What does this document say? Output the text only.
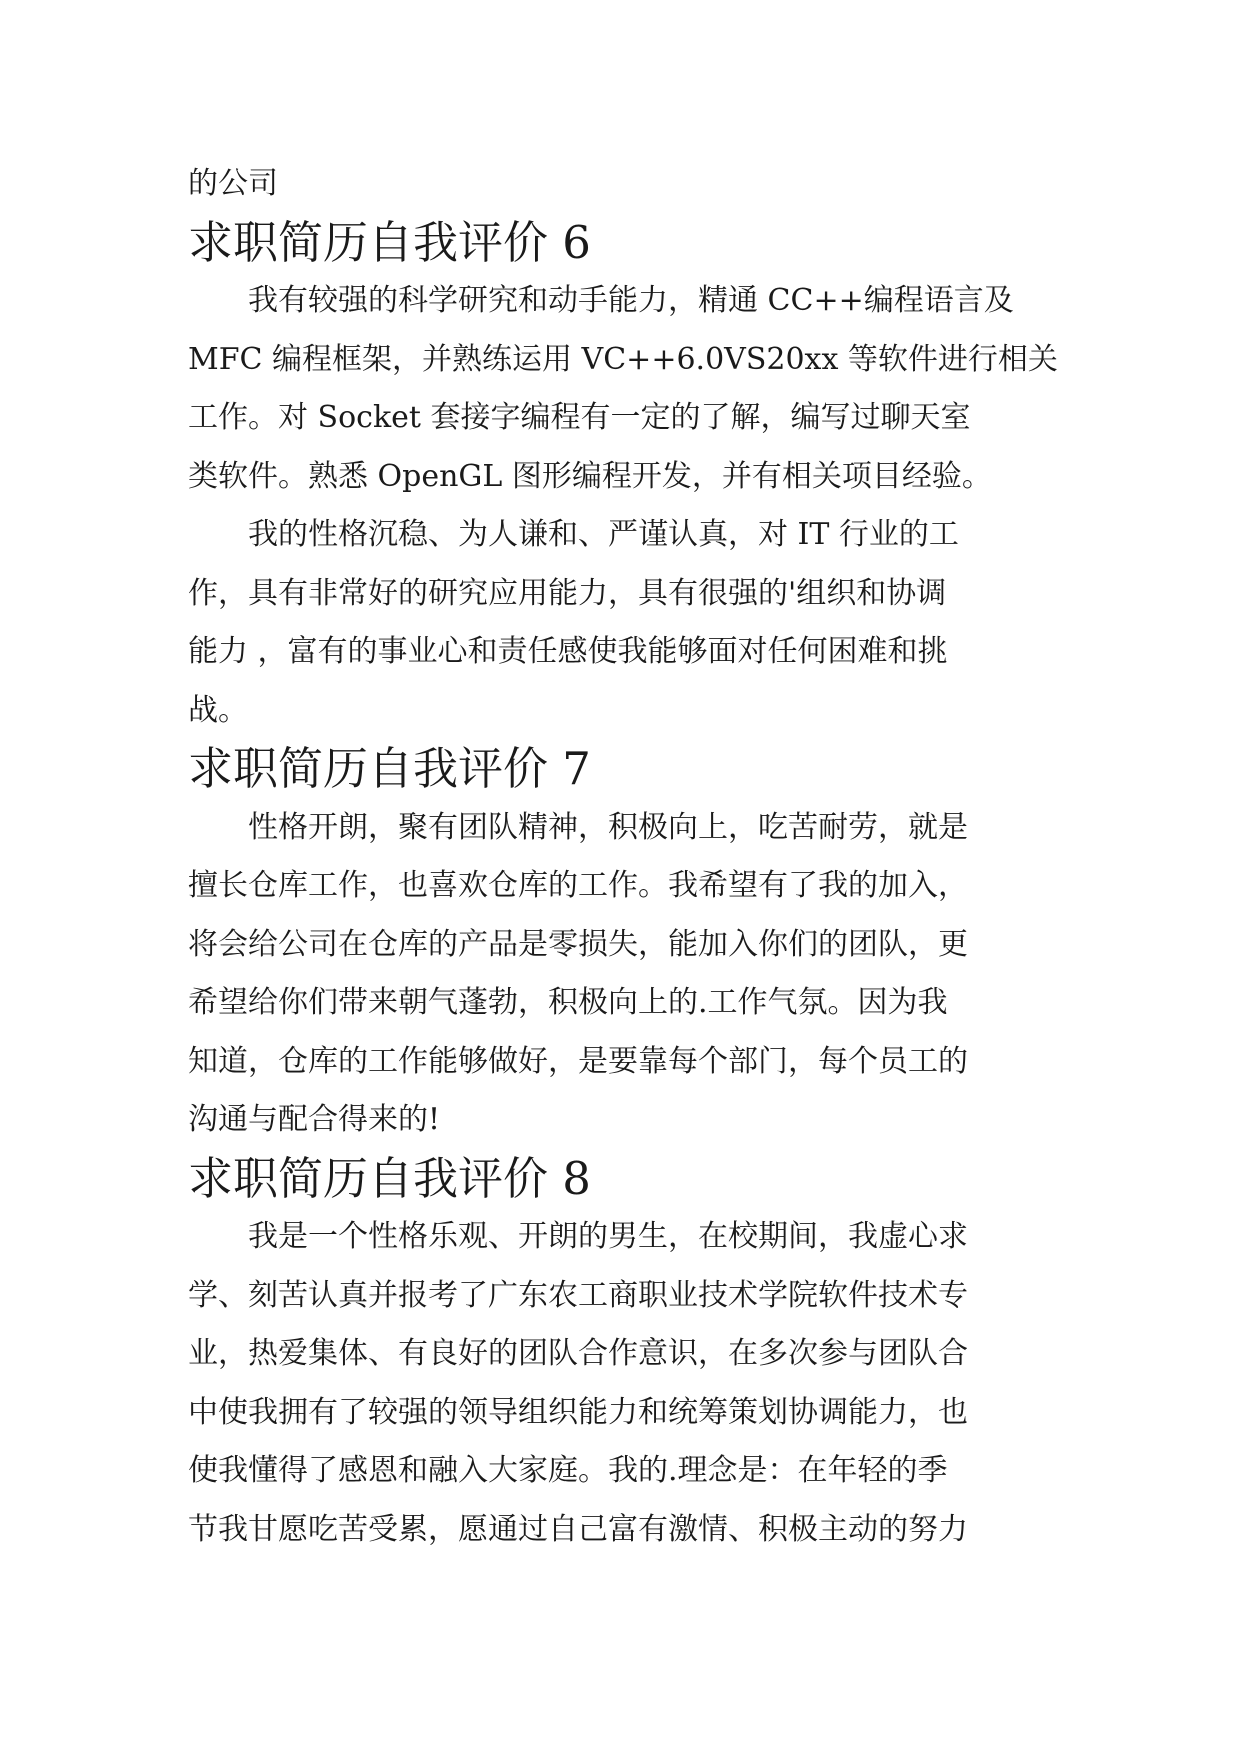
的公司

求职简历自我评价 6

我有较强的科学研究和动手能力，精通 CC++编程语言及
MFC 编程框架，并熟练运用 VC++6.0VS20xx 等软件进行相关
工作。对 Socket 套接字编程有一定的了解，编写过聊天室
类软件。熟悉 OpenGL 图形编程开发，并有相关项目经验。

我的性格沉稳、为人谦和、严谨认真，对 IT 行业的工
作，具有非常好的研究应用能力，具有很强的'组织和协调
能力 ，富有的事业心和责任感使我能够面对任何困难和挑
战。

求职简历自我评价 7

性格开朗，聚有团队精神，积极向上，吃苦耐劳，就是
擅长仓库工作，也喜欢仓库的工作。我希望有了我的加入，
将会给公司在仓库的产品是零损失，能加入你们的团队，更
希望给你们带来朝气蓬勃，积极向上的.工作气氛。因为我
知道，仓库的工作能够做好，是要靠每个部门，每个员工的
沟通与配合得来的!

求职简历自我评价 8

我是一个性格乐观、开朗的男生，在校期间，我虚心求
学、刻苦认真并报考了广东农工商职业技术学院软件技术专
业，热爱集体、有良好的团队合作意识，在多次参与团队合
中使我拥有了较强的领导组织能力和统筹策划协调能力，也
使我懂得了感恩和融入大家庭。我的.理念是：在年轻的季
节我甘愿吃苦受累，愿通过自己富有激情、积极主动的努力
